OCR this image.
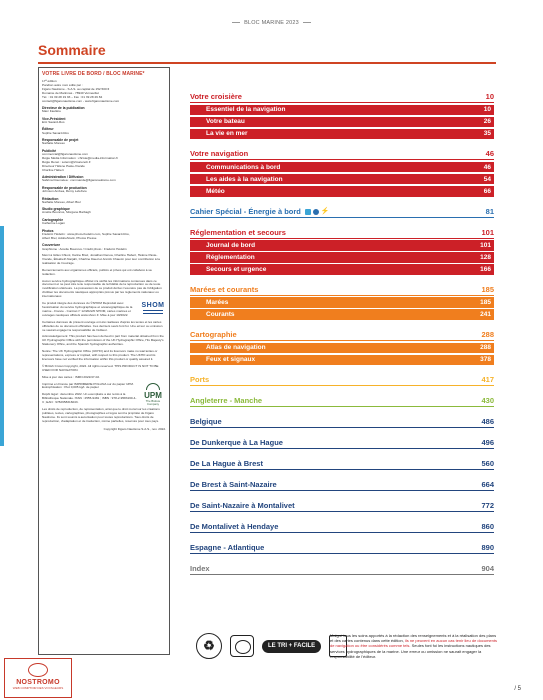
BLOC MARINE 2023
Sommaire
VOTRE LIVRE DE BORD / BLOC MARINE*
17ª édition
Pandion autre nom édité par :
Figaro Nautisme - S.A.S. au capital de 152.500 €
Domaine de Marinnas - 78940 Verneuillet
Tél. : 01 39 28 19 93 – Fax : 01 39 28 29 84
contact@figaronautisme.com - www.figaronautisme.com
Directeur de la publication
Marc Faullère
Vice-Président
Eric Savard-Ros
Éditeur
Sophie Savard-Ros
Responsable de projet
Nathalie Moreau
Publicité
commercial@figaronautisme.com
Régie Média Information : christe@media-information.fr
Régie Renet : solenn@2marenob.fr
Directeur Hélène Paste-Vrande
Charline Habert
Administration / Diffusion
Sabrina Doumelea : commande@figaronautisme.com
Responsable de production
Johnson Ambea, Rémy Lefebvre
Rédaction
Nathalie Moreau, Albert Brel
Studio graphique
Amélie Bouncus, Morgane Barbagh
Cartographie
Catherine Logan
Photos
Frédéric Hédelin : www.photo-fredelin.com, Sophie Savard-Ros,
Albert Brel, AdobeStock, Photos Presse
Couverture
Graphisme : Amélie Bouncus / Crédit photo : Frédéric Hédelin
Merci à Gilles Chioni, Karine Braz, Jonathan Denoa, Charline Habert, Hélène Paste-Vrande, Élisabeth Narjahi, Charline Daed et Annick Chauvin pour leur contribution à la réalisation de l'ouvrage.
Remerciements aux organismes officiels, publics et privés qui ont collaboré à sa rédaction.
Aucun service hydrographique officiel n'a vérifié les informations contenues dans ce document et ne peut être tenu responsable de la fidélité de la reproduction ou de toute modification ultérieure. La possession de ce produit dérivé n'exonère pas de l'obligation d'utiliser les documents nautiques appropriés prévus par les règlements nationaux ou internationaux.
Ce produit intègre des données du ©SHOM Reproduit avec l'autorisation du service hydrographique et océanographique de la marine - France - Contrat n° 12/2022/0 SHOM, cartes marines et ouvrages nautiques officiels www.shom.fr. Mise à jour 10/2022.
SHOM
Certaines données du présent ouvrage ont été réalisées d'après les textes et les cartes officielles de ce document officielles. Ces derniers seuls font foi. Une erreur ou omission ne saurait engager la responsabilité de l'éditeur.
Acknowledgement: This product has been derived in part from material obtained from the UK Hydrographic Office with the permission of the UK Hydrographic Office, His Majesty's Stationery Office, and the Spanish hydrographic authorities.
Notice: The UK Hydrographic Office (UKHO) and its licensors make no warranties or representations, express or implied, with respect to this product. The UKHO and its licensors have not verified the information within this product or quality assured it.
© British Crown Copyright, 2022. All rights reserved. THIS PRODUCT IS NOT TO BE USED FOR NAVIGATION.
Mise à jour des cartes : ISMN 2022/47-02.
Imprimé en France par IMPRIMERIE POLLINA sur du papier UPM. Eutrophisation : Ptot 0,005 kg/t. de papier
Dépôt légal : décembre 2022. Un exemplaire a été remis à la Bibliothèque Nationale. ISSN : 2555-9481 ; ISBN : 978-2-9583160-4-3 ; EAN : 9782958316043.
UPM
The Biofore Company
Les droits de reproduction, de représentation, ainsi que le droit moral sur les créations publiées, textes, cartographies, photographies et logos sont la propriété de Figaro Nautisme. Ils sont soumis à autorisation pour toutes reproductions. Tous droits de reproduction, d'adaptation et de traduction, même partielles, réservés pour tous pays.
Copyright Figaro Nautisme S.A.S., nov. 2022.
Votre croisière	10
Essentiel de la navigation	10
Votre bateau	26
La vie en mer	35
Votre navigation	46
Communications à bord	46
Les aides à la navigation	54
Météo	66
Cahier Spécial - Énergie à bord	⚡	81
Réglementation et secours	101
Journal de bord	101
Réglementation	128
Secours et urgence	166
Marées et courants	185
Marées	185
Courants	241
Cartographie	288
Atlas de navigation	288
Feux et signaux	378
Ports	417
Angleterre - Manche	430
Belgique	486
De Dunkerque à La Hague	496
De La Hague à Brest	560
De Brest à Saint-Nazaire	664
De Saint-Nazaire à Montalivet	772
De Montalivet à Hendaye	860
Espagne - Atlantique	890
Index	904
♻	LE TRI + FACILE
Malgré tous les soins apportés à la rédaction des renseignements et à la réalisation des plans et des cartes contenus dans cette édition, ils ne peuvent en aucun cas tenir lieu de documents de navigation ou être considérés comme tels. Seules font foi les instructions nautiques des services hydrographiques de la marine. Une erreur ou omission ne saurait engager la responsabilité de l'éditeur.
NOSTROMO
WEB COMPTOIR DES VOYAGEURS	/ 5
